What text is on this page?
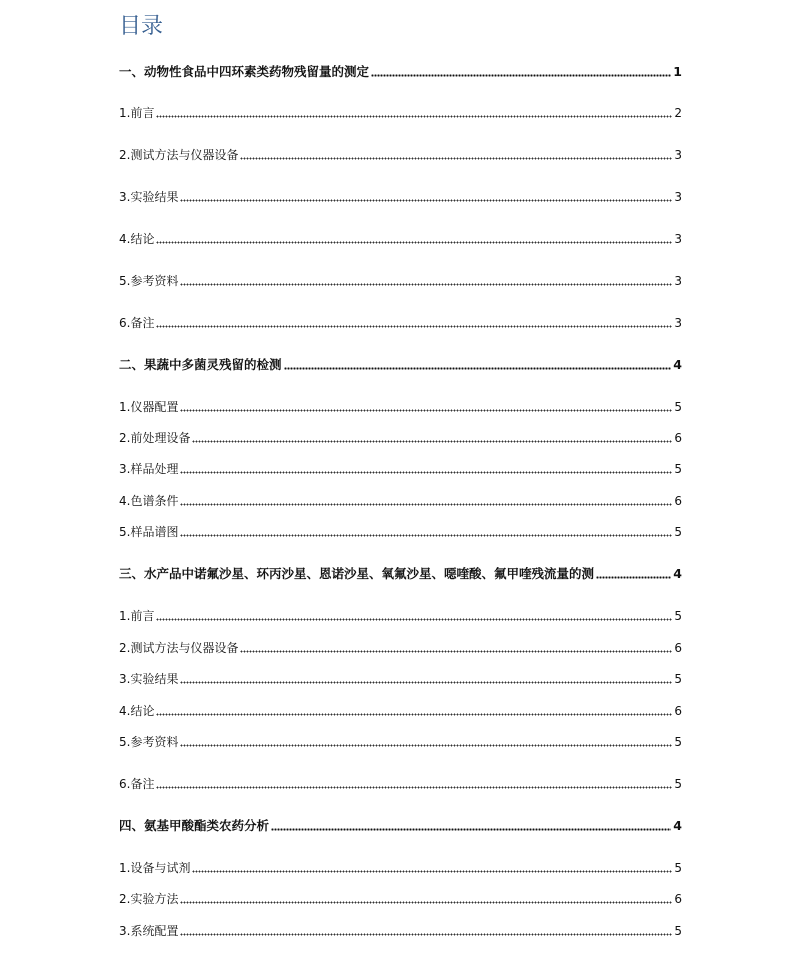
目录
一、动物性食品中四环素类药物残留量的测定	1
1.前言	2
2.测试方法与仪器设备	3
3.实验结果	3
4.结论	3
5.参考资料	3
6.备注	3
二、果蔬中多菌灵残留的检测	4
1.仪器配置	5
2.前处理设备	6
3.样品处理	5
4.色谱条件	6
5.样品谱图	5
三、水产品中诺氟沙星、环丙沙星、恩诺沙星、氧氟沙星、噁喹酸、氟甲喹残流量的测	4
1.前言	5
2.测试方法与仪器设备	6
3.实验结果	5
4.结论	6
5.参考资料	5
6.备注	5
四、氨基甲酸酯类农药分析	4
1.设备与试剂	5
2.实验方法	6
3.系统配置	5
